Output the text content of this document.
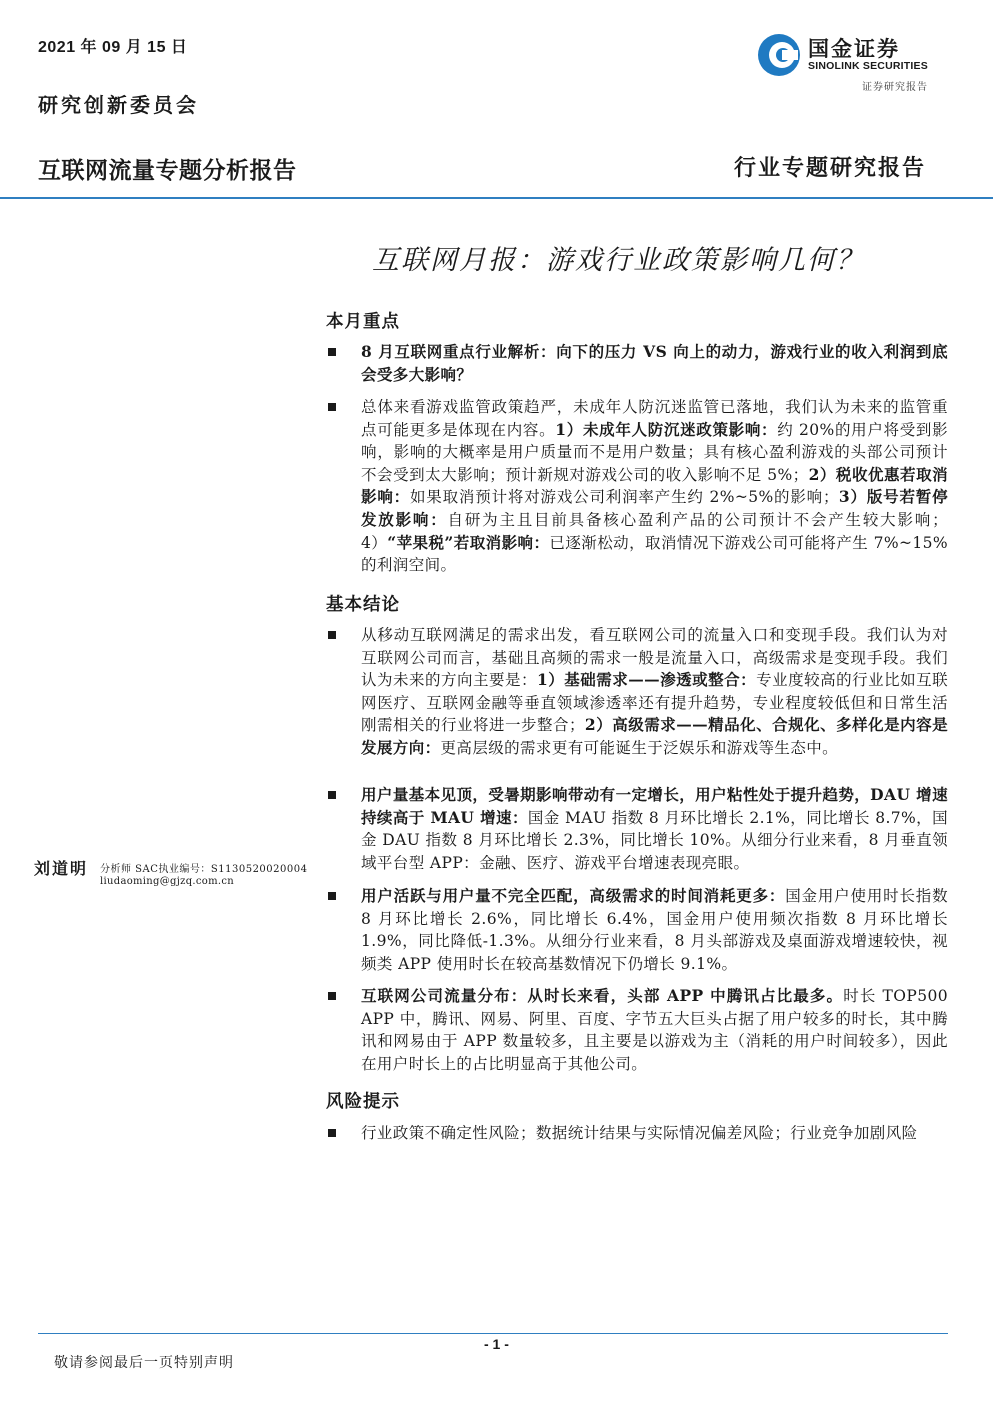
2021 年 09 月 15 日
研究创新委员会
国金证券
SINOLINK SECURITIES
证券研究报告
互联网流量专题分析报告	行业专题研究报告
互联网月报：游戏行业政策影响几何？
本月重点
8 月互联网重点行业解析：向下的压力 VS 向上的动力，游戏行业的收入利润到底会受多大影响？
总体来看游戏监管政策趋严，未成年人防沉迷监管已落地，我们认为未来的监管重点可能更多是体现在内容。1）未成年人防沉迷政策影响：约 20%的用户将受到影响，影响的大概率是用户质量而不是用户数量；具有核心盈利游戏的头部公司预计不会受到太大影响；预计新规对游戏公司的收入影响不足 5%；2）税收优惠若取消影响：如果取消预计将对游戏公司利润率产生约 2%~5%的影响；3）版号若暂停发放影响：自研为主且目前具备核心盈利产品的公司预计不会产生较大影响；4）“苹果税”若取消影响：已逐渐松动，取消情况下游戏公司可能将产生 7%~15%的利润空间。
基本结论
从移动互联网满足的需求出发，看互联网公司的流量入口和变现手段。我们认为对互联网公司而言，基础且高频的需求一般是流量入口，高级需求是变现手段。我们认为未来的方向主要是：1）基础需求——渗透或整合：专业度较高的行业比如互联网医疗、互联网金融等垂直领域渗透率还有提升趋势，专业程度较低但和日常生活刚需相关的行业将进一步整合；2）高级需求——精品化、合规化、多样化是内容是发展方向：更高层级的需求更有可能诞生于泛娱乐和游戏等生态中。
用户量基本见顶，受暑期影响带动有一定增长，用户粘性处于提升趋势，DAU 增速持续高于 MAU 增速：国金 MAU 指数 8 月环比增长 2.1%，同比增长 8.7%，国金 DAU 指数 8 月环比增长 2.3%，同比增长 10%。从细分行业来看，8 月垂直领域平台型 APP：金融、医疗、游戏平台增速表现亮眼。
用户活跃与用户量不完全匹配，高级需求的时间消耗更多：国金用户使用时长指数 8 月环比增长 2.6%，同比增长 6.4%，国金用户使用频次指数 8 月环比增长 1.9%，同比降低-1.3%。从细分行业来看，8 月头部游戏及桌面游戏增速较快，视频类 APP 使用时长在较高基数情况下仍增长 9.1%。
互联网公司流量分布：从时长来看，头部 APP 中腾讯占比最多。时长 TOP500 APP 中，腾讯、网易、阿里、百度、字节五大巨头占据了用户较多的时长，其中腾讯和网易由于 APP 数量较多，且主要是以游戏为主（消耗的用户时间较多），因此在用户时长上的占比明显高于其他公司。
风险提示
行业政策不确定性风险；数据统计结果与实际情况偏差风险；行业竞争加剧风险
刘道明 分析师 SAC执业编号：S1130520020004
liudaoming@gjzq.com.cn
- 1 -
敬请参阅最后一页特别声明
